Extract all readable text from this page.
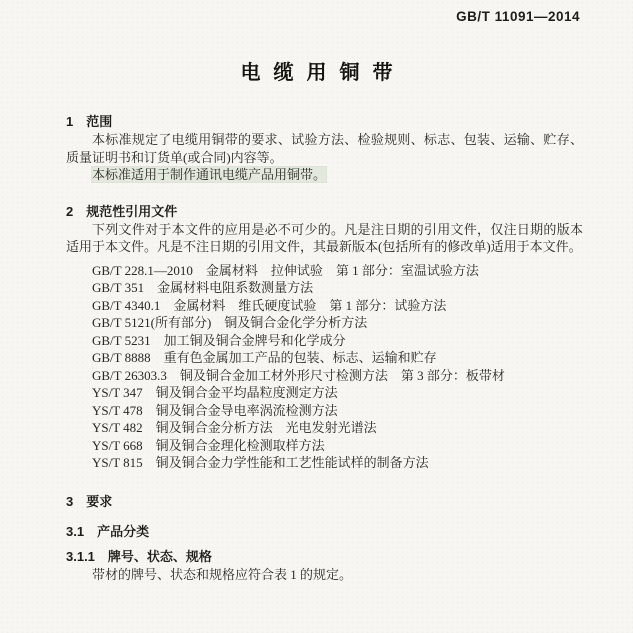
GB/T 11091—2014
电缆用铜带
1 范围

本标准规定了电缆用铜带的要求、试验方法、检验规则、标志、包装、运输、贮存、质量证明书和订货单(或合同)内容等。

本标准适用于制作通讯电缆产品用铜带。

2 规范性引用文件

下列文件对于本文件的应用是必不可少的。凡是注日期的引用文件，仅注日期的版本适用于本文件。凡是不注日期的引用文件，其最新版本(包括所有的修改单)适用于本文件。

GB/T 228.1—2010　金属材料　拉伸试验　第 1 部分：室温试验方法
GB/T 351　金属材料电阻系数测量方法
GB/T 4340.1　金属材料　维氏硬度试验　第 1 部分：试验方法
GB/T 5121(所有部分)　铜及铜合金化学分析方法
GB/T 5231　加工铜及铜合金牌号和化学成分
GB/T 8888　重有色金属加工产品的包装、标志、运输和贮存
GB/T 26303.3　铜及铜合金加工材外形尺寸检测方法　第 3 部分：板带材
YS/T 347　铜及铜合金平均晶粒度测定方法
YS/T 478　铜及铜合金导电率涡流检测方法
YS/T 482　铜及铜合金分析方法　光电发射光谱法
YS/T 668　铜及铜合金理化检测取样方法
YS/T 815　铜及铜合金力学性能和工艺性能试样的制备方法
3 要求
3.1 产品分类
3.1.1 牌号、状态、规格

带材的牌号、状态和规格应符合表 1 的规定。
